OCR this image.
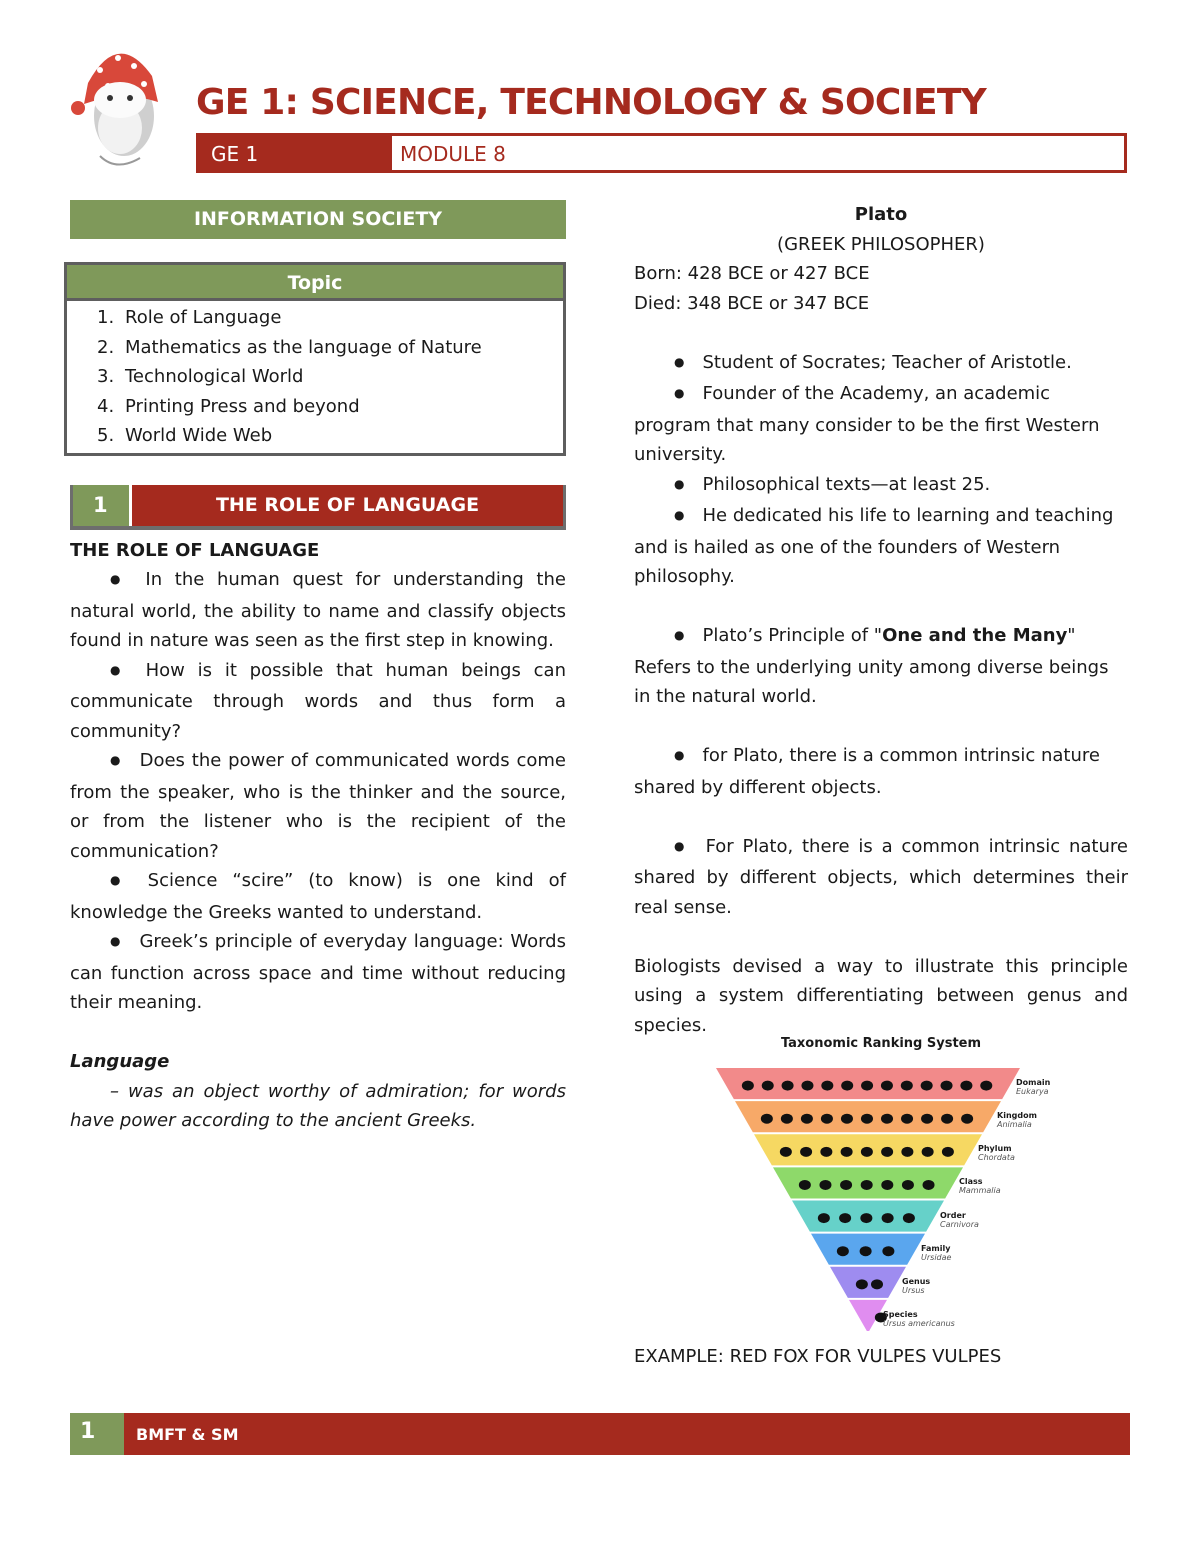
GE 1: SCIENCE, TECHNOLOGY & SOCIETY
GE 1	MODULE 8
INFORMATION SOCIETY
Topic
1. Role of Language
2. Mathematics as the language of Nature
3. Technological World
4. Printing Press and beyond
5. World Wide Web
1	THE ROLE OF LANGUAGE
THE ROLE OF LANGUAGE

● In the human quest for understanding the natural world, the ability to name and classify objects found in nature was seen as the first step in knowing.

● How is it possible that human beings can communicate through words and thus form a community?

● Does the power of communicated words come from the speaker, who is the thinker and the source, or from the listener who is the recipient of the communication?

● Science “scire” (to know) is one kind of knowledge the Greeks wanted to understand.

● Greek’s principle of everyday language: Words can function across space and time without reducing their meaning.

Language

– was an object worthy of admiration; for words have power according to the ancient Greeks.

Plato

(GREEK PHILOSOPHER)

Born: 428 BCE or 427 BCE

Died: 348 BCE or 347 BCE

● Student of Socrates; Teacher of Aristotle.

● Founder of the Academy, an academic program that many consider to be the first Western university.

● Philosophical texts—at least 25.

● He dedicated his life to learning and teaching and is hailed as one of the founders of Western philosophy.

● Plato’s Principle of "One and the Many"

Refers to the underlying unity among diverse beings in the natural world.

● for Plato, there is a common intrinsic nature shared by different objects.

● For Plato, there is a common intrinsic nature shared by different objects, which determines their real sense.

Biologists devised a way to illustrate this principle using a system differentiating between genus and species.

Taxonomic Ranking System
Domain
Eukarya
Kingdom
Animalia
Phylum
Chordata
Class
Mammalia
Order
Carnivora
Family
Ursidae
Genus
Ursus
Species
Ursus americanus
EXAMPLE: RED FOX FOR VULPES VULPES
1	BMFT & SM
